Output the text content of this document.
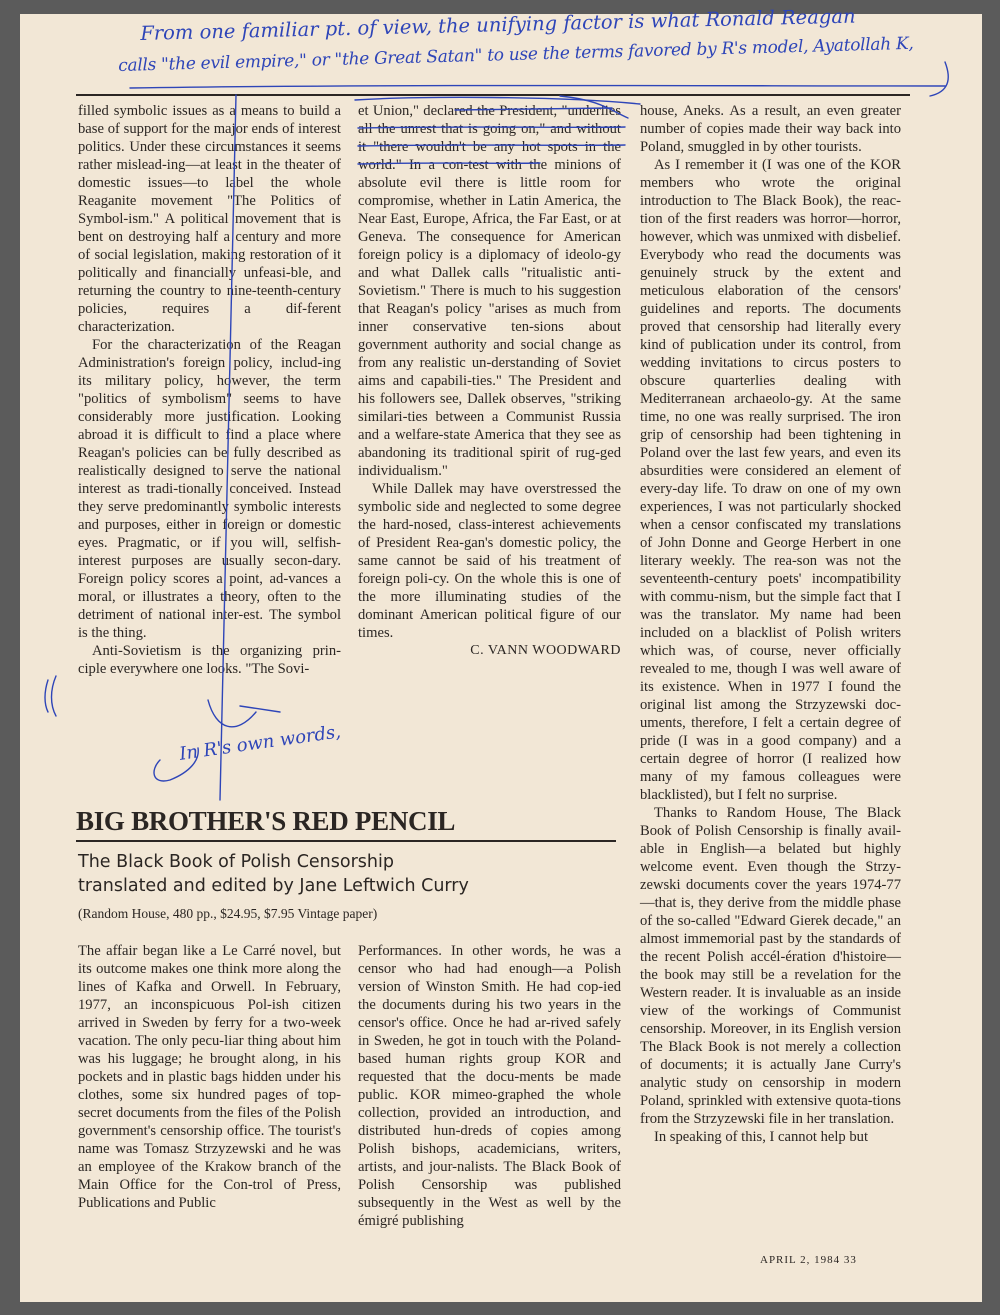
From one familiar pt. of view, the unifying factor is what Ronald Reagan
calls "the evil empire," or "the Great Satan" to use the terms favored by R's model, Ayatollah K,
In R's own words,

filled symbolic issues as a means to build a base of support for the major ends of interest politics. Under these circumstances it seems rather mislead-ing—at least in the theater of domestic issues—to label the whole Reaganite movement "The Politics of Symbol-ism." A political movement that is bent on destroying half a century and more of social legislation, making restoration of it politically and financially unfeasi-ble, and returning the country to nine-teenth-century policies, requires a dif-ferent characterization.

For the characterization of the Reagan Administration's foreign policy, includ-ing its military policy, however, the term "politics of symbolism" seems to have considerably more justification. Looking abroad it is difficult to find a place where Reagan's policies can be fully described as realistically designed to serve the national interest as tradi-tionally conceived. Instead they serve predominantly symbolic interests and purposes, either in foreign or domestic eyes. Pragmatic, or if you will, selfish-interest purposes are usually secon-dary. Foreign policy scores a point, ad-vances a moral, or illustrates a theory, often to the detriment of national inter-est. The symbol is the thing.

Anti-Sovietism is the organizing prin-ciple everywhere one looks. "The Sovi-

et Union," declared the President, "underlies all the unrest that is going on," and without it "there wouldn't be any hot spots in the world." In a con-test with the minions of absolute evil there is little room for compromise, whether in Latin America, the Near East, Europe, Africa, the Far East, or at Geneva. The consequence for American foreign policy is a diplomacy of ideolo-gy and what Dallek calls "ritualistic anti-Sovietism." There is much to his suggestion that Reagan's policy "arises as much from inner conservative ten-sions about government authority and social change as from any realistic un-derstanding of Soviet aims and capabili-ties." The President and his followers see, Dallek observes, "striking similari-ties between a Communist Russia and a welfare-state America that they see as abandoning its traditional spirit of rug-ged individualism."

While Dallek may have overstressed the symbolic side and neglected to some degree the hard-nosed, class-interest achievements of President Rea-gan's domestic policy, the same cannot be said of his treatment of foreign poli-cy. On the whole this is one of the more illuminating studies of the dominant American political figure of our times.

C. VANN WOODWARD

house, Aneks. As a result, an even greater number of copies made their way back into Poland, smuggled in by other tourists.

As I remember it (I was one of the KOR members who wrote the original introduction to The Black Book), the reac-tion of the first readers was horror—horror, however, which was unmixed with disbelief. Everybody who read the documents was genuinely struck by the extent and meticulous elaboration of the censors' guidelines and reports. The documents proved that censorship had literally every kind of publication under its control, from wedding invitations to circus posters to obscure quarterlies dealing with Mediterranean archaeolo-gy. At the same time, no one was really surprised. The iron grip of censorship had been tightening in Poland over the last few years, and even its absurdities were considered an element of every-day life. To draw on one of my own experiences, I was not particularly shocked when a censor confiscated my translations of John Donne and George Herbert in one literary weekly. The rea-son was not the seventeenth-century poets' incompatibility with commu-nism, but the simple fact that I was the translator. My name had been included on a blacklist of Polish writers which was, of course, never officially revealed to me, though I was well aware of its existence. When in 1977 I found the original list among the Strzyzewski doc-uments, therefore, I felt a certain degree of pride (I was in a good company) and a certain degree of horror (I realized how many of my famous colleagues were blacklisted), but I felt no surprise.

Thanks to Random House, The Black Book of Polish Censorship is finally avail-able in English—a belated but highly welcome event. Even though the Strzy-zewski documents cover the years 1974-77—that is, they derive from the middle phase of the so-called "Edward Gierek decade," an almost immemorial past by the standards of the recent Polish accél-ération d'histoire—the book may still be a revelation for the Western reader. It is invaluable as an inside view of the workings of Communist censorship. Moreover, in its English version The Black Book is not merely a collection of documents; it is actually Jane Curry's analytic study on censorship in modern Poland, sprinkled with extensive quota-tions from the Strzyzewski file in her translation.

In speaking of this, I cannot help but

BIG BROTHER'S RED PENCIL
The Black Book of Polish Censorship
translated and edited by Jane Leftwich Curry
(Random House, 480 pp., $24.95, $7.95 Vintage paper)

The affair began like a Le Carré novel, but its outcome makes one think more along the lines of Kafka and Orwell. In February, 1977, an inconspicuous Pol-ish citizen arrived in Sweden by ferry for a two-week vacation. The only pecu-liar thing about him was his luggage; he brought along, in his pockets and in plastic bags hidden under his clothes, some six hundred pages of top-secret documents from the files of the Polish government's censorship office. The tourist's name was Tomasz Strzyzewski and he was an employee of the Krakow branch of the Main Office for the Con-trol of Press, Publications and Public

Performances. In other words, he was a censor who had had enough—a Polish version of Winston Smith. He had cop-ied the documents during his two years in the censor's office. Once he had ar-rived safely in Sweden, he got in touch with the Poland-based human rights group KOR and requested that the docu-ments be made public. KOR mimeo-graphed the whole collection, provided an introduction, and distributed hun-dreds of copies among Polish bishops, academicians, writers, artists, and jour-nalists. The Black Book of Polish Censorship was published subsequently in the West as well by the émigré publishing

APRIL 2, 1984 33
